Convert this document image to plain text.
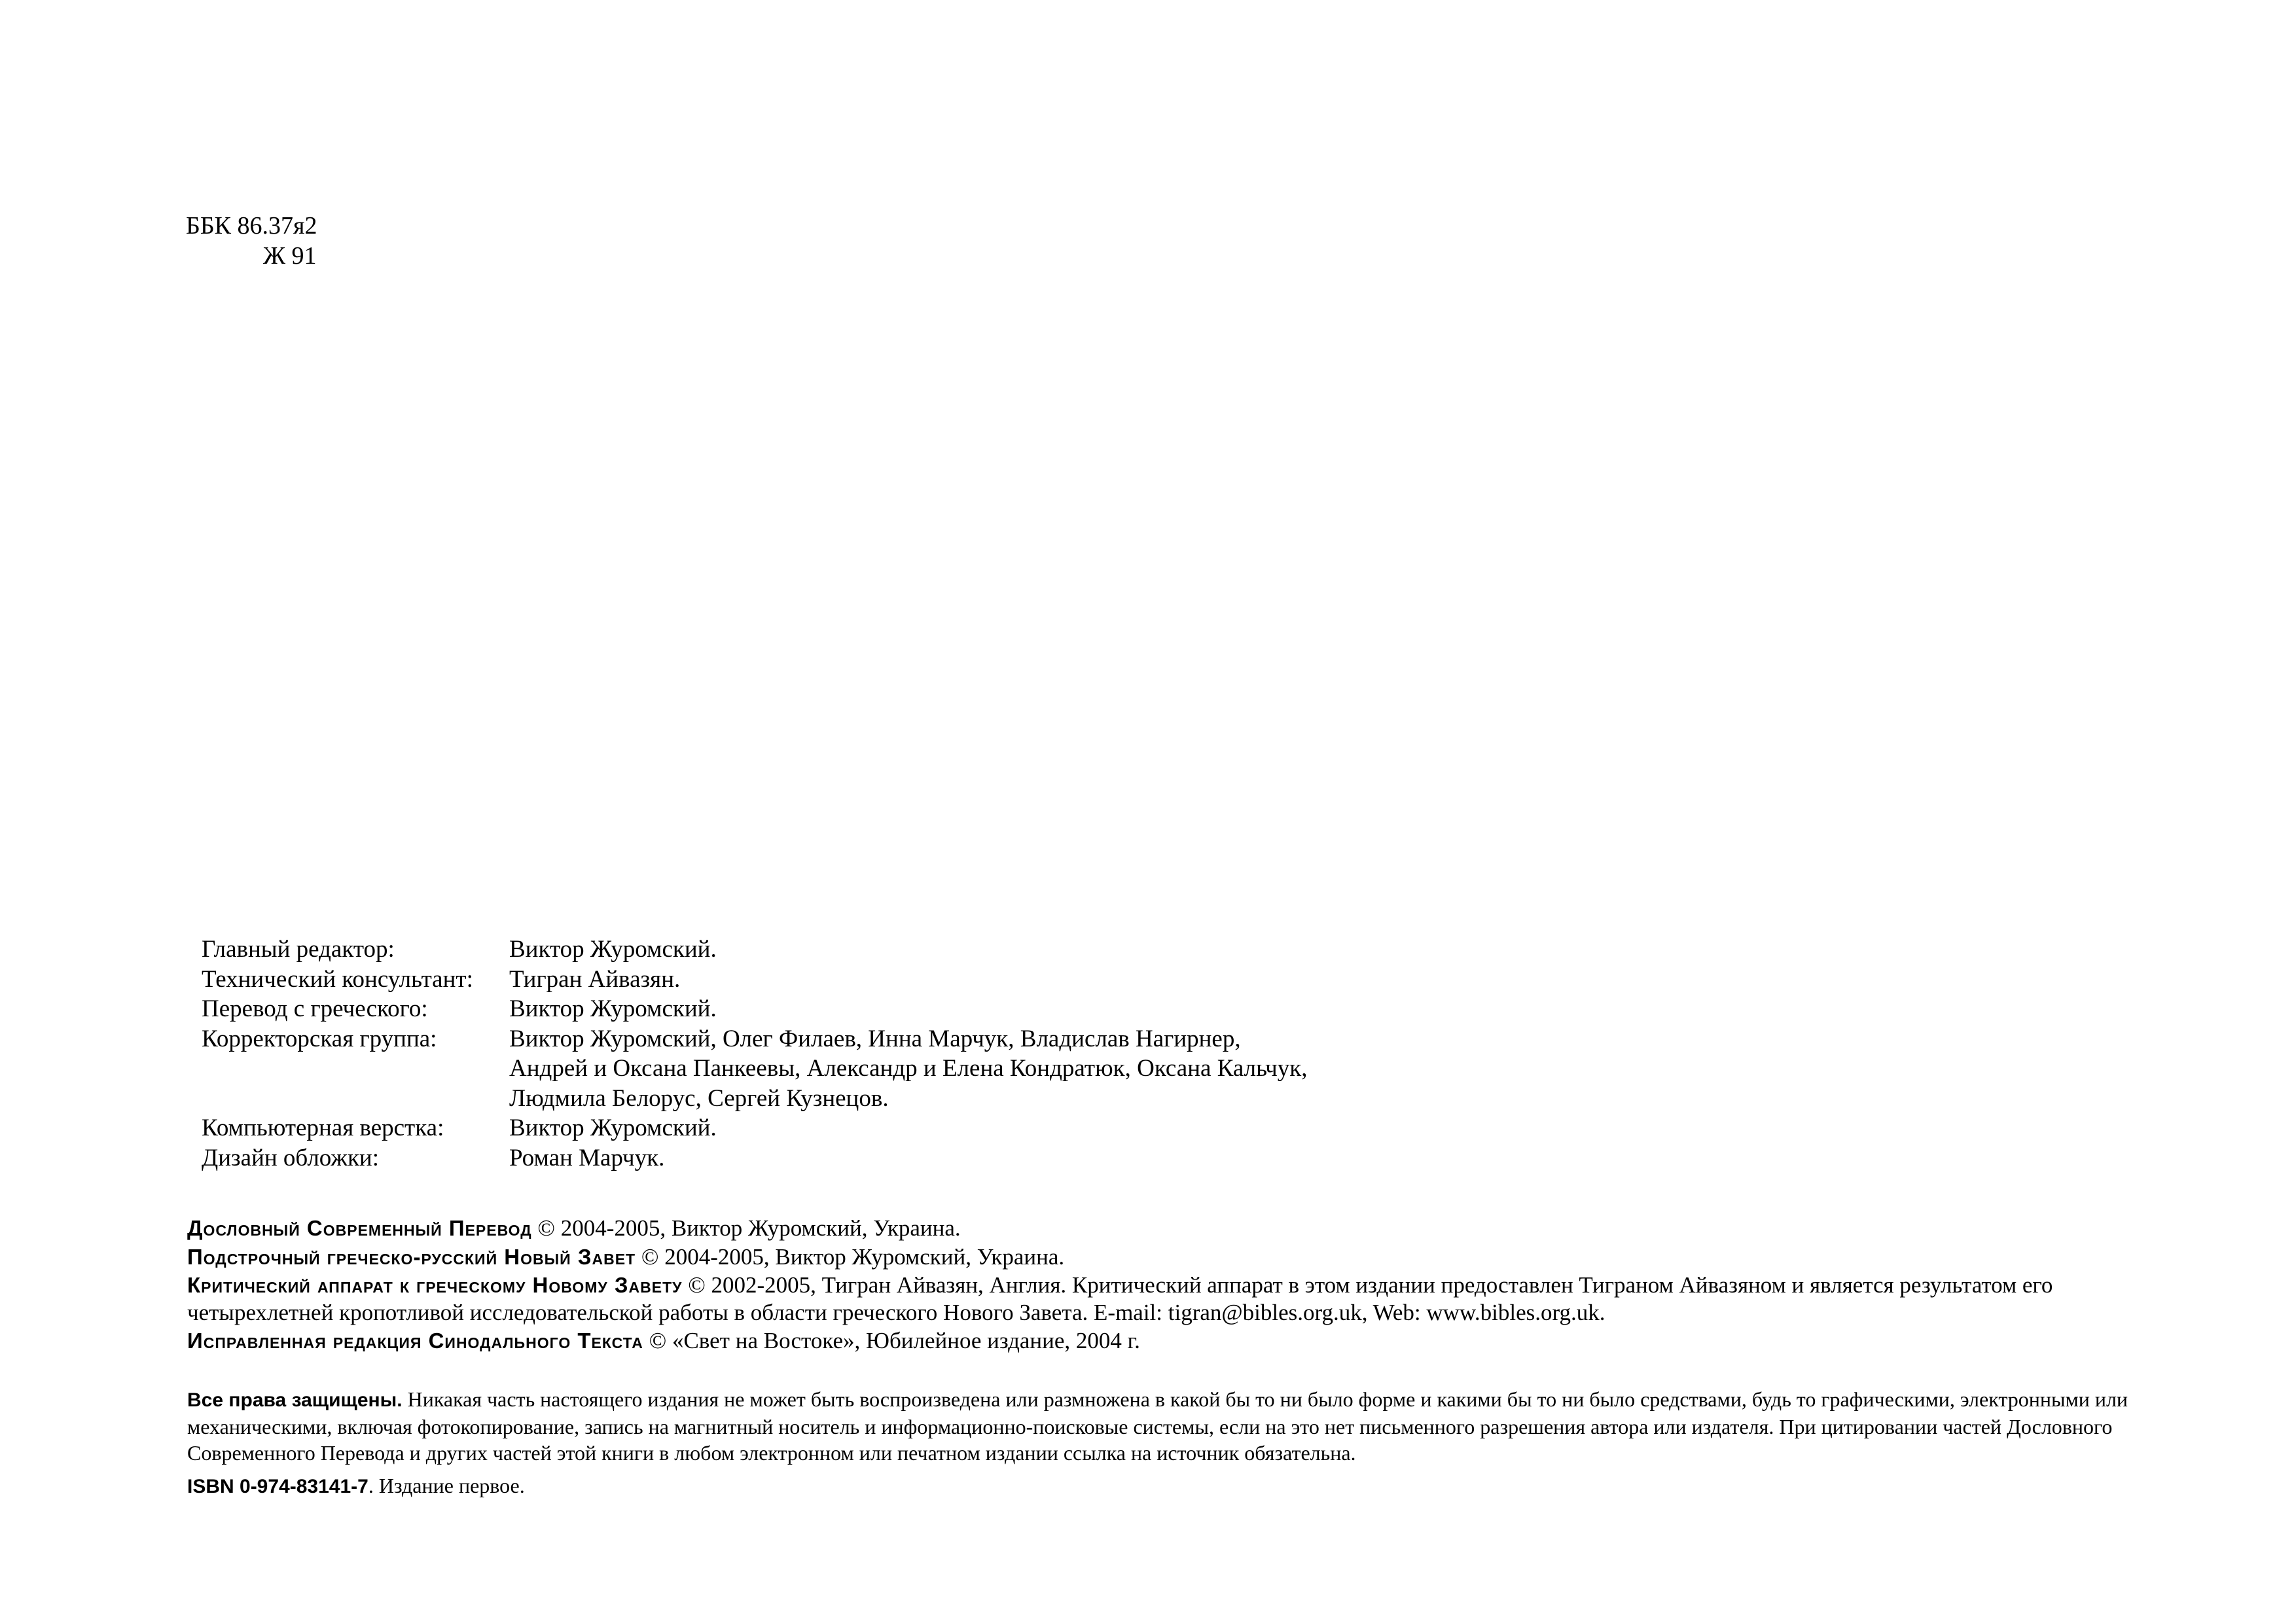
ББК 86.37я2
Ж 91
Главный редактор:	Виктор Журомский.
Технический консультант:	Тигран Айвазян.
Перевод с греческого:	Виктор Журомский.
Корректорская группа:	Виктор Журомский, Олег Филаев, Инна Марчук, Владислав Нагирнер,
Андрей и Оксана Панкеевы, Александр и Елена Кондратюк, Оксана Кальчук,
Людмила Белорус, Сергей Кузнецов.
Компьютерная верстка:	Виктор Журомский.
Дизайн обложки:	Роман Марчук.
Дословный Современный Перевод © 2004-2005, Виктор Журомский, Украина.
Подстрочный греческо-русский Новый Завет © 2004-2005, Виктор Журомский, Украина.
Критический аппарат к греческому Новому Завету © 2002-2005, Тигран Айвазян, Англия. Критический аппарат в этом издании предоставлен Тиграном Айвазяном и является результатом его четырехлетней кропотливой исследовательской работы в области греческого Нового Завета. E-mail: tigran@bibles.org.uk, Web: www.bibles.org.uk.
Исправленная редакция Синодального Текста © «Свет на Востоке», Юбилейное издание, 2004 г.
Все права защищены. Никакая часть настоящего издания не может быть воспроизведена или размножена в какой бы то ни было форме и какими бы то ни было средствами, будь то графическими, электронными или механическими, включая фотокопирование, запись на магнитный носитель и информационно-поисковые системы, если на это нет письменного разрешения автора или издателя. При цитировании частей Дословного Современного Перевода и других частей этой книги в любом электронном или печатном издании ссылка на источник обязательна.
ISBN 0-974-83141-7. Издание первое.
